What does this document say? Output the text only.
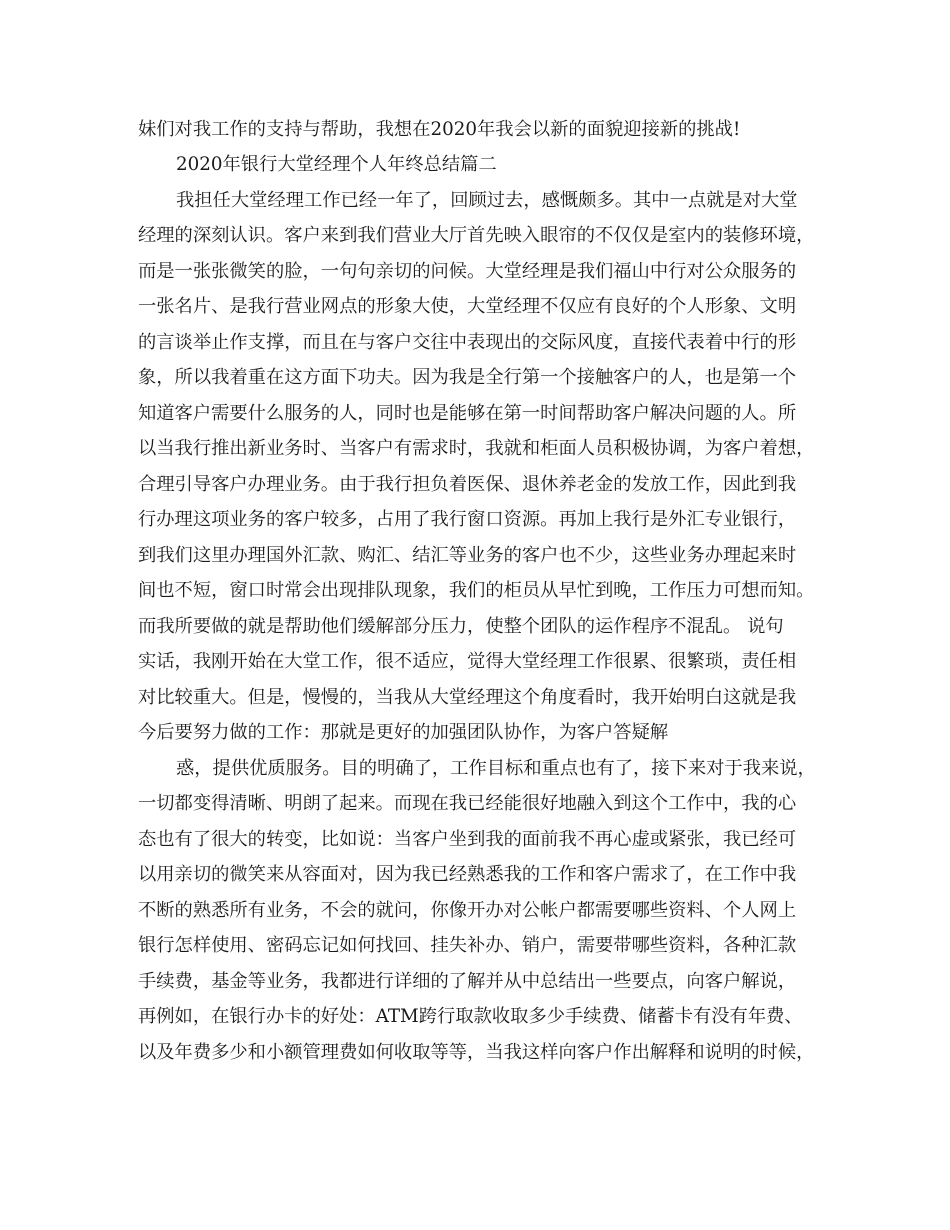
妹们对我工作的支持与帮助，我想在2020年我会以新的面貌迎接新的挑战!
2020年银行大堂经理个人年终总结篇二
我担任大堂经理工作已经一年了，回顾过去，感慨颇多。其中一点就是对大堂
经理的深刻认识。客户来到我们营业大厅首先映入眼帘的不仅仅是室内的装修环境，
而是一张张微笑的脸，一句句亲切的问候。大堂经理是我们福山中行对公众服务的
一张名片、是我行营业网点的形象大使，大堂经理不仅应有良好的个人形象、文明
的言谈举止作支撑，而且在与客户交往中表现出的交际风度，直接代表着中行的形
象，所以我着重在这方面下功夫。因为我是全行第一个接触客户的人，也是第一个
知道客户需要什么服务的人，同时也是能够在第一时间帮助客户解决问题的人。所
以当我行推出新业务时、当客户有需求时，我就和柜面人员积极协调，为客户着想，
合理引导客户办理业务。由于我行担负着医保、退休养老金的发放工作，因此到我
行办理这项业务的客户较多，占用了我行窗口资源。再加上我行是外汇专业银行，
到我们这里办理国外汇款、购汇、结汇等业务的客户也不少，这些业务办理起来时
间也不短，窗口时常会出现排队现象，我们的柜员从早忙到晚，工作压力可想而知。
而我所要做的就是帮助他们缓解部分压力，使整个团队的运作程序不混乱。 说句
实话，我刚开始在大堂工作，很不适应，觉得大堂经理工作很累、很繁琐，责任相
对比较重大。但是，慢慢的，当我从大堂经理这个角度看时，我开始明白这就是我
今后要努力做的工作：那就是更好的加强团队协作，为客户答疑解
惑，提供优质服务。目的明确了，工作目标和重点也有了，接下来对于我来说，
一切都变得清晰、明朗了起来。而现在我已经能很好地融入到这个工作中，我的心
态也有了很大的转变，比如说：当客户坐到我的面前我不再心虚或紧张，我已经可
以用亲切的微笑来从容面对，因为我已经熟悉我的工作和客户需求了，在工作中我
不断的熟悉所有业务，不会的就问，你像开办对公帐户都需要哪些资料、个人网上
银行怎样使用、密码忘记如何找回、挂失补办、销户，需要带哪些资料，各种汇款
手续费，基金等业务，我都进行详细的了解并从中总结出一些要点，向客户解说，
再例如，在银行办卡的好处：ATM跨行取款收取多少手续费、储蓄卡有没有年费、
以及年费多少和小额管理费如何收取等等，当我这样向客户作出解释和说明的时候，
